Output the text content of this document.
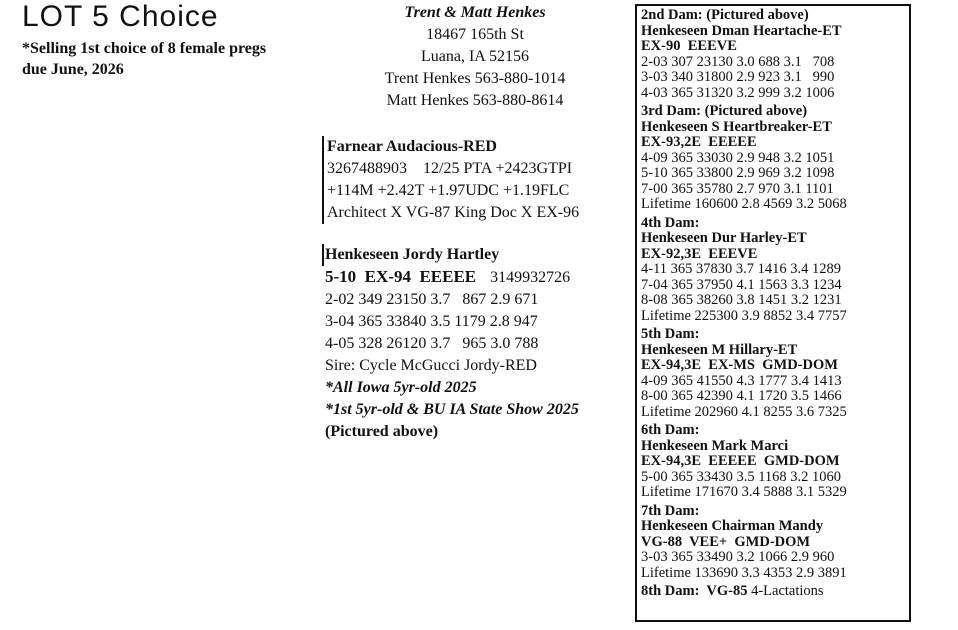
LOT 5 Choice
*Selling 1st choice of 8 female pregs
due June, 2026
Trent & Matt Henkes
18467 165th St
Luana, IA 52156
Trent Henkes 563-880-1014
Matt Henkes 563-880-8614
Farnear Audacious-RED
3267488903    12/25 PTA +2423GTPI
+114M +2.42T +1.97UDC +1.19FLC
Architect X VG-87 King Doc X EX-96
Henkeseen Jordy Hartley
5-10  EX-94  EEEEE 3149932726
2-02 349 23150 3.7   867 2.9 671
3-04 365 33840 3.5 1179 2.8 947
4-05 328 26120 3.7   965 3.0 788
Sire: Cycle McGucci Jordy-RED
*All Iowa 5yr-old 2025
*1st 5yr-old & BU IA State Show 2025
(Pictured above)
2nd Dam: (Pictured above)
Henkeseen Dman Heartache-ET
EX-90  EEEVE
2-03 307 23130 3.0 688 3.1   708
3-03 340 31800 2.9 923 3.1   990
4-03 365 31320 3.2 999 3.2 1006
3rd Dam: (Pictured above)
Henkeseen S Heartbreaker-ET
EX-93,2E  EEEEE
4-09 365 33030 2.9 948 3.2 1051
5-10 365 33800 2.9 969 3.2 1098
7-00 365 35780 2.7 970 3.1 1101
Lifetime 160600 2.8 4569 3.2 5068
4th Dam:
Henkeseen Dur Harley-ET
EX-92,3E  EEEVE
4-11 365 37830 3.7 1416 3.4 1289
7-04 365 37950 4.1 1563 3.3 1234
8-08 365 38260 3.8 1451 3.2 1231
Lifetime 225300 3.9 8852 3.4 7757
5th Dam:
Henkeseen M Hillary-ET
EX-94,3E  EX-MS  GMD-DOM
4-09 365 41550 4.3 1777 3.4 1413
8-00 365 42390 4.1 1720 3.5 1466
Lifetime 202960 4.1 8255 3.6 7325
6th Dam:
Henkeseen Mark Marci
EX-94,3E  EEEEE  GMD-DOM
5-00 365 33430 3.5 1168 3.2 1060
Lifetime 171670 3.4 5888 3.1 5329
7th Dam:
Henkeseen Chairman Mandy
VG-88  VEE+  GMD-DOM
3-03 365 33490 3.2 1066 2.9 960
Lifetime 133690 3.3 4353 2.9 3891
8th Dam:  VG-85 4-Lactations
